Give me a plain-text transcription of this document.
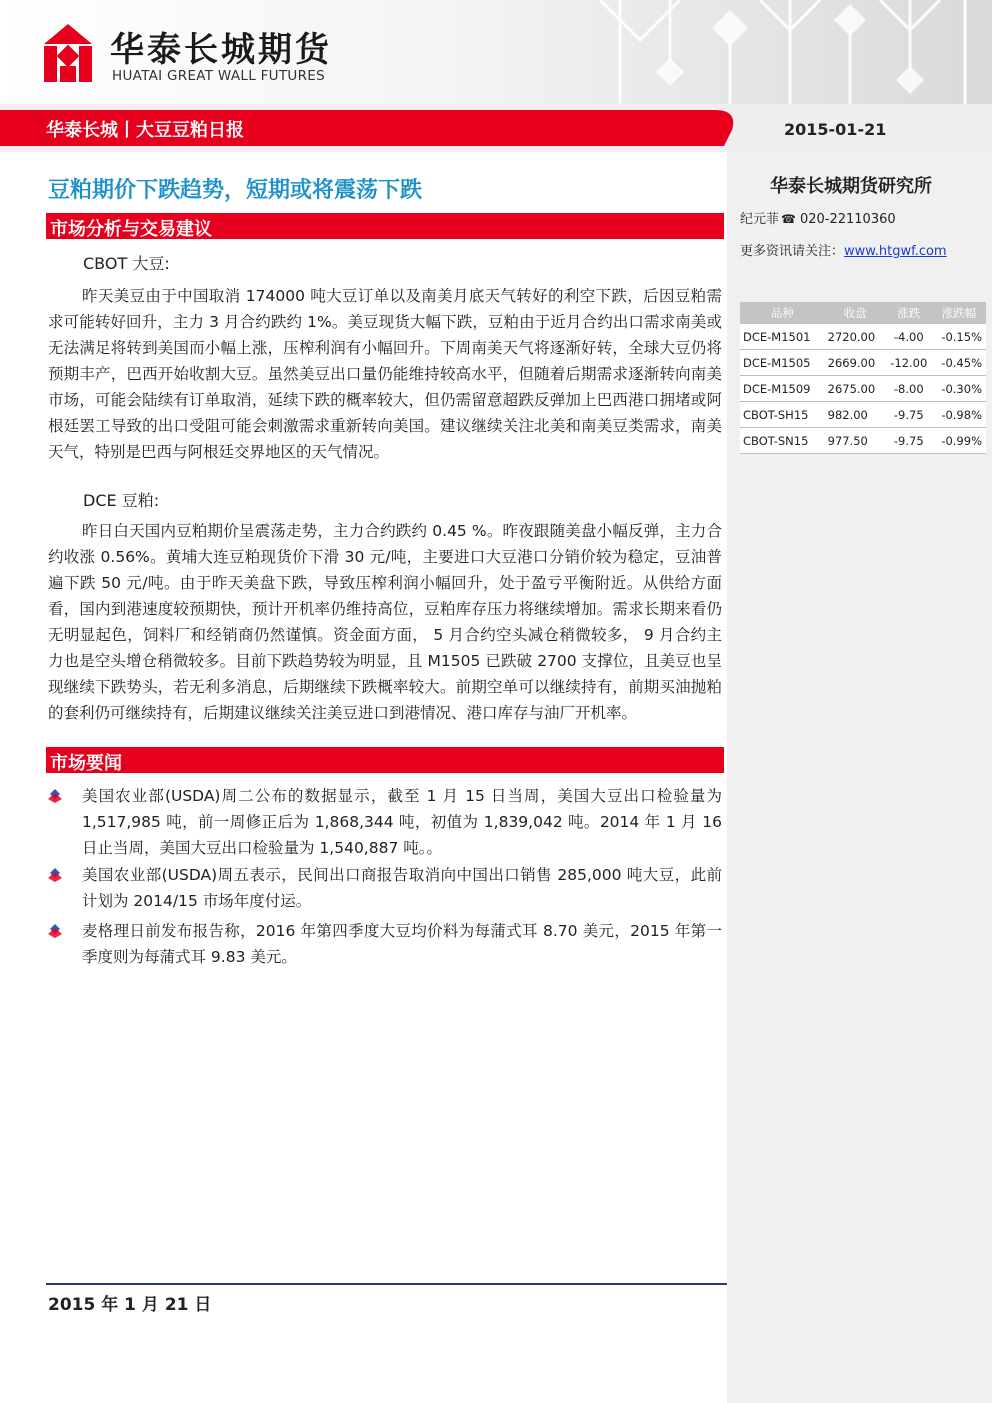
华泰长城期货
HUATAI GREAT WALL FUTURES
华泰长城丨大豆豆粕日报	2015-01-21
华泰长城期货研究所
纪元菲 ☎ 020-22110360
更多资讯请关注：www.htgwf.com
品种	收盘	涨跌	涨跌幅
DCE-M1501	2720.00	-4.00	-0.15%
DCE-M1505	2669.00	-12.00	-0.45%
DCE-M1509	2675.00	-8.00	-0.30%
CBOT-SH15	982.00	-9.75	-0.98%
CBOT-SN15	977.50	-9.75	-0.99%
豆粕期价下跌趋势，短期或将震荡下跌
市场分析与交易建议
CBOT 大豆:
昨天美豆由于中国取消 174000 吨大豆订单以及南美月底天气转好的利空下跌，后因豆粕需求可能转好回升，主力 3 月合约跌约 1%。美豆现货大幅下跌，豆粕由于近月合约出口需求南美或无法满足将转到美国而小幅上涨，压榨利润有小幅回升。下周南美天气将逐渐好转，全球大豆仍将预期丰产，巴西开始收割大豆。虽然美豆出口量仍能维持较高水平，但随着后期需求逐渐转向南美市场，可能会陆续有订单取消，延续下跌的概率较大，但仍需留意超跌反弹加上巴西港口拥堵或阿根廷罢工导致的出口受阻可能会刺激需求重新转向美国。建议继续关注北美和南美豆类需求，南美天气，特别是巴西与阿根廷交界地区的天气情况。
DCE 豆粕:
昨日白天国内豆粕期价呈震荡走势，主力合约跌约 0.45 %。昨夜跟随美盘小幅反弹，主力合约收涨 0.56%。黄埔大连豆粕现货价下滑 30 元/吨，主要进口大豆港口分销价较为稳定，豆油普遍下跌 50 元/吨。由于昨天美盘下跌，导致压榨利润小幅回升，处于盈亏平衡附近。从供给方面看，国内到港速度较预期快，预计开机率仍维持高位，豆粕库存压力将继续增加。需求长期来看仍无明显起色，饲料厂和经销商仍然谨慎。资金面方面， 5 月合约空头减仓稍微较多， 9 月合约主力也是空头增仓稍微较多。目前下跌趋势较为明显，且 M1505 已跌破 2700 支撑位，且美豆也呈现继续下跌势头，若无利多消息，后期继续下跌概率较大。前期空单可以继续持有，前期买油抛粕的套利仍可继续持有，后期建议继续关注美豆进口到港情况、港口库存与油厂开机率。
市场要闻
美国农业部(USDA)周二公布的数据显示，截至 1 月 15 日当周，美国大豆出口检验量为 1,517,985 吨，前一周修正后为 1,868,344 吨，初值为 1,839,042 吨。2014 年 1 月 16 日止当周，美国大豆出口检验量为 1,540,887 吨。。
美国农业部(USDA)周五表示，民间出口商报告取消向中国出口销售 285,000 吨大豆，此前计划为 2014/15 市场年度付运。
麦格理日前发布报告称，2016 年第四季度大豆均价料为每蒲式耳 8.70 美元，2015 年第一季度则为每蒲式耳 9.83 美元。
2015 年 1 月 21 日
